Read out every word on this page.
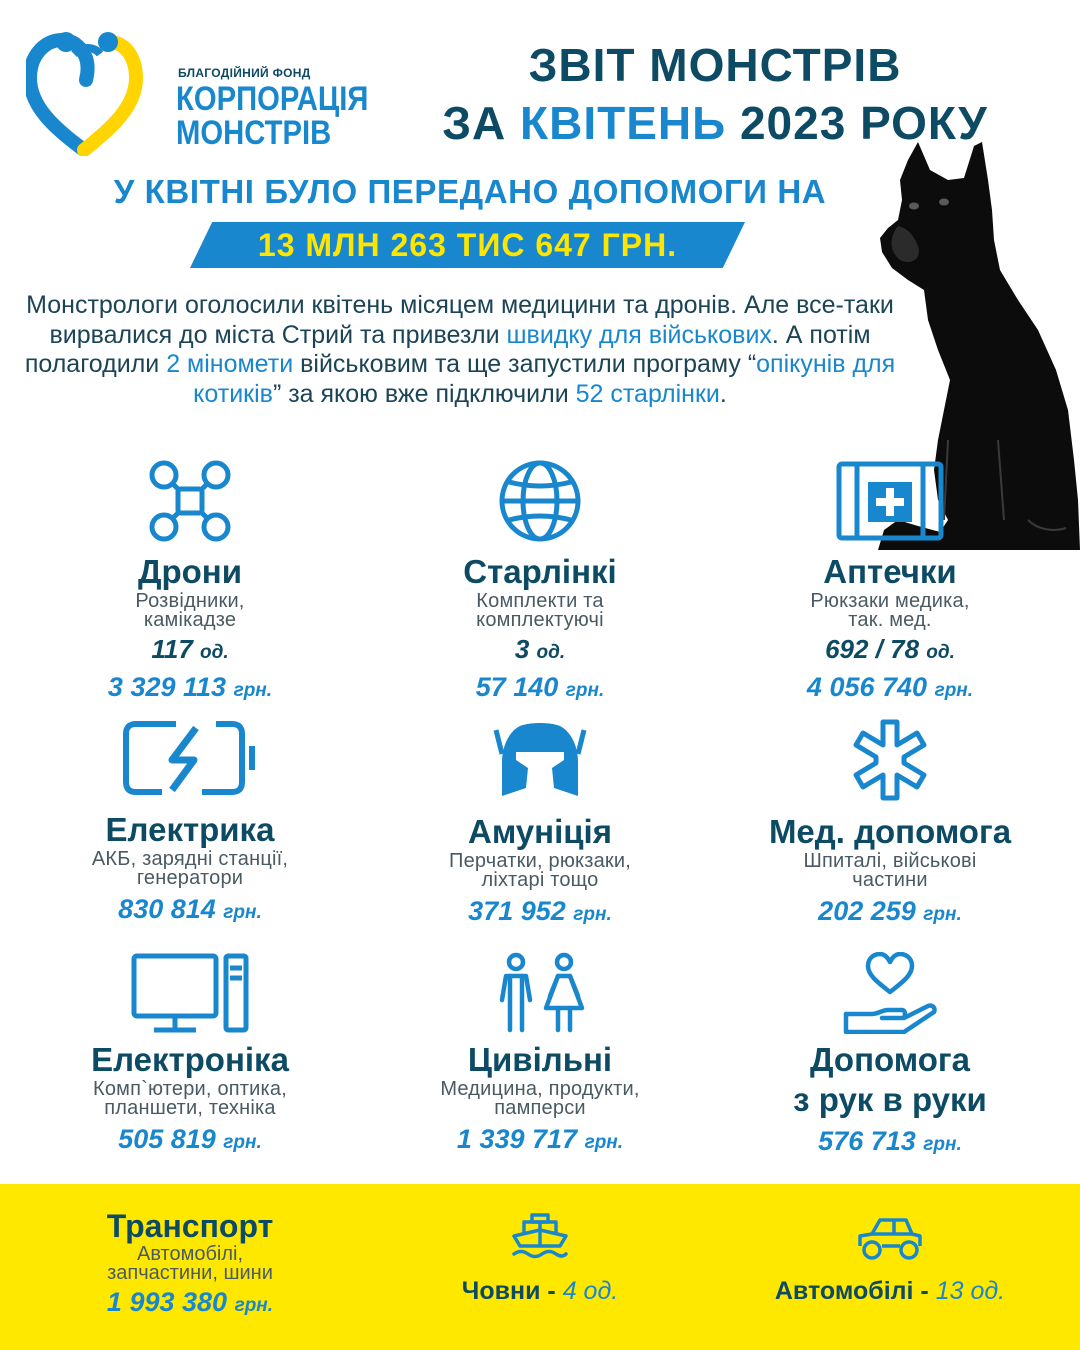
БЛАГОДІЙНИЙ ФОНД
КОРПОРАЦІЯ
МОНСТРІВ
ЗВІТ МОНСТРІВ
ЗА КВІТЕНЬ 2023 РОКУ
У КВІТНІ БУЛО ПЕРЕДАНО ДОПОМОГИ НА
13 МЛН 263 ТИС 647 ГРН.
Монстрологи оголосили квітень місяцем медицини та дронів. Але все-таки вирвалися до міста Стрий та привезли швидку для військових. А потім полагодили 2 міномети військовим та ще запустили програму “опікунів для котиків” за якою вже підключили 52 старлінки.
Дрони
Розвідники,
камікадзе
117 од.
3 329 113 грн.
Старлінкі
Комплекти та
комплектуючі
3 од.
57 140 грн.
Аптечки
Рюкзаки медика,
так. мед.
692 / 78 од.
4 056 740 грн.
Електрика
АКБ, зарядні станції,
генератори
830 814 грн.
Амуніція
Перчатки, рюкзаки,
ліхтарі тощо
371 952 грн.
Мед. допомога
Шпиталі, військові
частини
202 259 грн.
Електроніка
Комп`ютери, оптика,
планшети, техніка
505 819 грн.
Цивільні
Медицина, продукти,
памперси
1 339 717 грн.
Допомога
з рук в руки
576 713 грн.
Транспорт
Автомобілі,
запчастини, шини
1 993 380 грн.
Човни - 4 од.	Автомобілі - 13 од.
